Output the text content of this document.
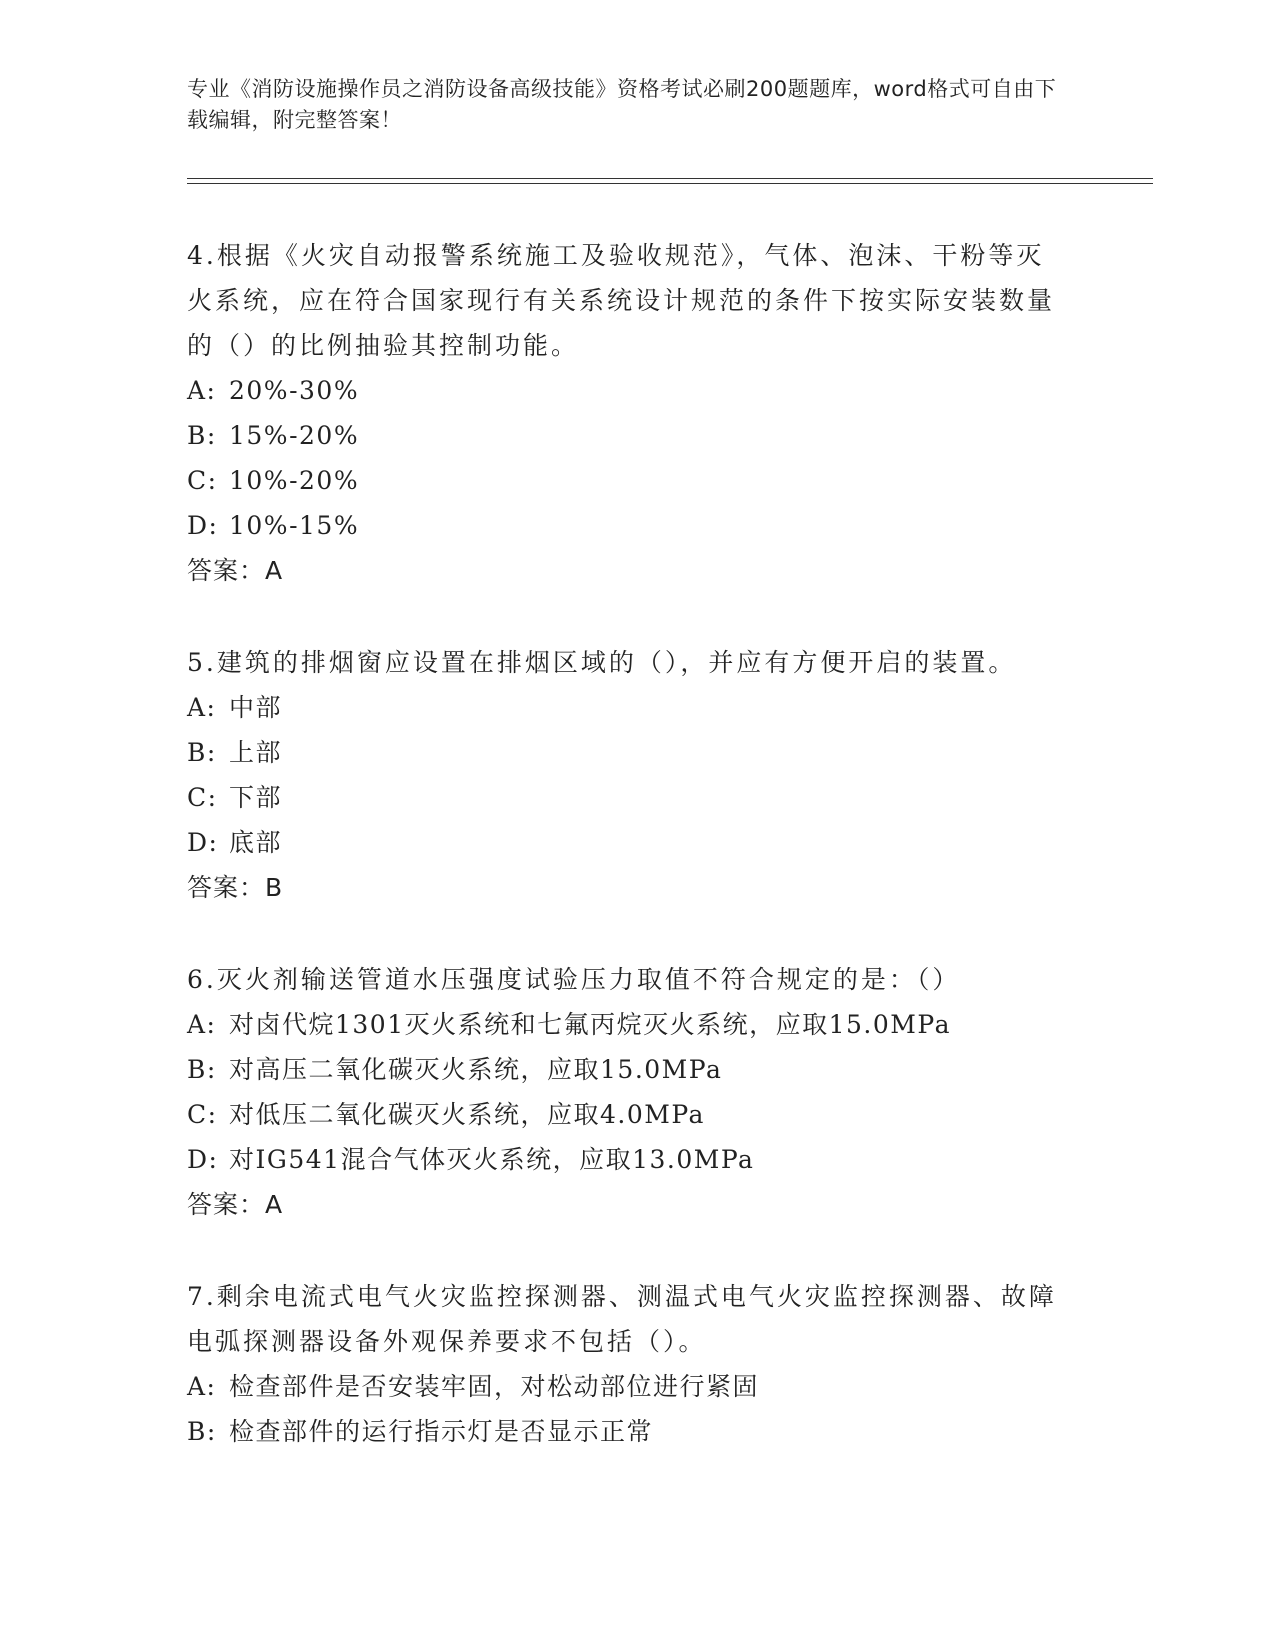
专业《消防设施操作员之消防设备高级技能》资格考试必刷200题题库，word格式可自由下载编辑，附完整答案！
4.根据《火灾自动报警系统施工及验收规范》，气体、泡沫、干粉等灭火系统，应在符合国家现行有关系统设计规范的条件下按实际安装数量的（）的比例抽验其控制功能。
A: 20%-30%
B: 15%-20%
C: 10%-20%
D: 10%-15%
答案：A
5.建筑的排烟窗应设置在排烟区域的（），并应有方便开启的装置。
A: 中部
B: 上部
C: 下部
D: 底部
答案：B
6.灭火剂输送管道水压强度试验压力取值不符合规定的是：（）
A: 对卤代烷1301灭火系统和七氟丙烷灭火系统，应取15.0MPa
B: 对高压二氧化碳灭火系统，应取15.0MPa
C: 对低压二氧化碳灭火系统，应取4.0MPa
D: 对IG541混合气体灭火系统，应取13.0MPa
答案：A
7.剩余电流式电气火灾监控探测器、测温式电气火灾监控探测器、故障电弧探测器设备外观保养要求不包括（）。
A: 检查部件是否安装牢固，对松动部位进行紧固
B: 检查部件的运行指示灯是否显示正常
